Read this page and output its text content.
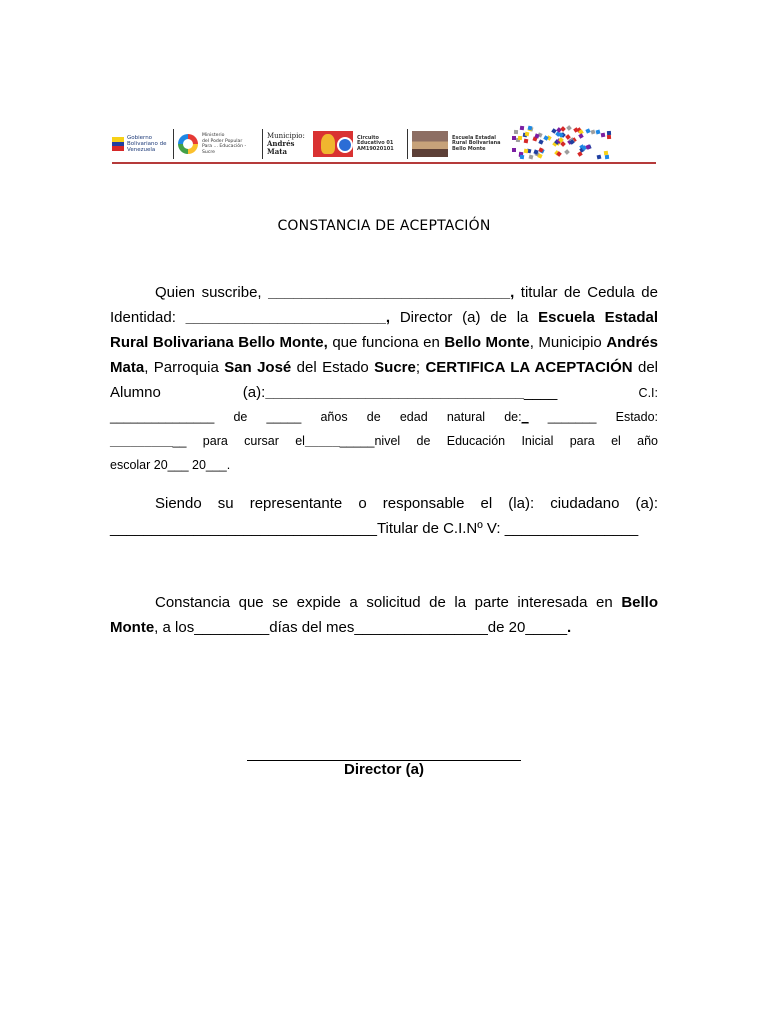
Gobierno Bolivariano de Venezuela
Ministerio
del Poder Popular
Para ... Educación - Sucre
Municipio:
Andrés Mata
Circuito
Educativo 01
AM19020101
Escuela Estadal
Rural Bolivariana
Bello Monte
CONSTANCIA DE ACEPTACIÓN
Quien suscribe, _____________________________, titular de Cedula de Identidad: ________________________, Director (a) de la Escuela Estadal Rural Bolivariana Bello Monte, que funciona en Bello Monte, Municipio Andrés Mata, Parroquia San José del Estado Sucre; CERTIFICA LA ACEPTACIÓN del Alumno (a):___________________________________ C.I:
_______________ de _____ años de edad natural de:_ _______ Estado:
___________ para cursar el__________nivel de Educación Inicial para el año
escolar 20___ 20___.
Siendo su representante o responsable el (la): ciudadano (a):
________________________________Titular de C.I.Nº V: ________________
Constancia que se expide a solicitud de la parte interesada en Bello
Monte, a los_________días del mes________________de 20_____.
Director (a)
